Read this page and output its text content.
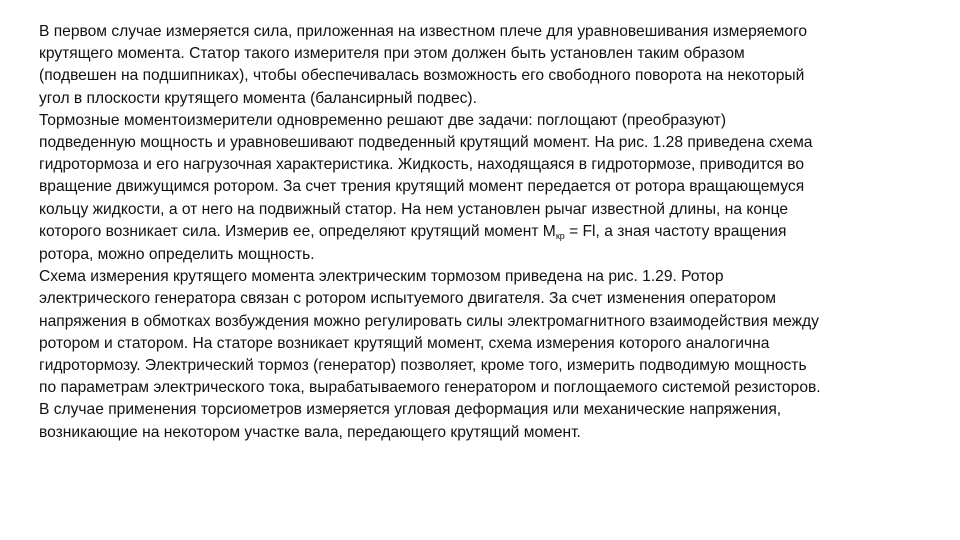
В первом случае измеряется сила, приложенная на известном плече для уравновешивания измеряемого
крутящего момента. Статор такого измерителя при этом должен быть установлен таким образом
(подвешен на подшипниках), чтобы обеспечивалась возможность его свободного поворота на некоторый
угол в плоскости крутящего момента (балансирный подвес).
Тормозные моментоизмерители одновременно решают две задачи: поглощают (преобразуют)
подведенную мощность и уравновешивают подведенный крутящий момент. На рис. 1.28 приведена схема
гидротормоза и его нагрузочная характеристика. Жидкость, находящаяся в гидротормозе, приводится во
вращение движущимся ротором. За счет трения крутящий момент передается от ротора вращающемуся
кольцу жидкости, а от него на подвижный статор. На нем установлен рычаг известной длины, на конце
которого возникает сила. Измерив ее, определяют крутящий момент Мкр = Fl, а зная частоту вращения
ротора, можно определить мощность.
Схема измерения крутящего момента электрическим тормозом приведена на рис. 1.29. Ротор
электрического генератора связан с ротором испытуемого двигателя. За счет изменения оператором
напряжения в обмотках возбуждения можно регулировать силы электромагнитного взаимодействия между
ротором и статором. На статоре возникает крутящий момент, схема измерения которого аналогична
гидротормозу. Электрический тормоз (генератор) позволяет, кроме того, измерить подводимую мощность
по параметрам электрического тока, вырабатываемого генератором и поглощаемого системой резисторов.
В случае применения торсиометров измеряется угловая деформация или механические напряжения,
возникающие на некотором участке вала, передающего крутящий момент.
